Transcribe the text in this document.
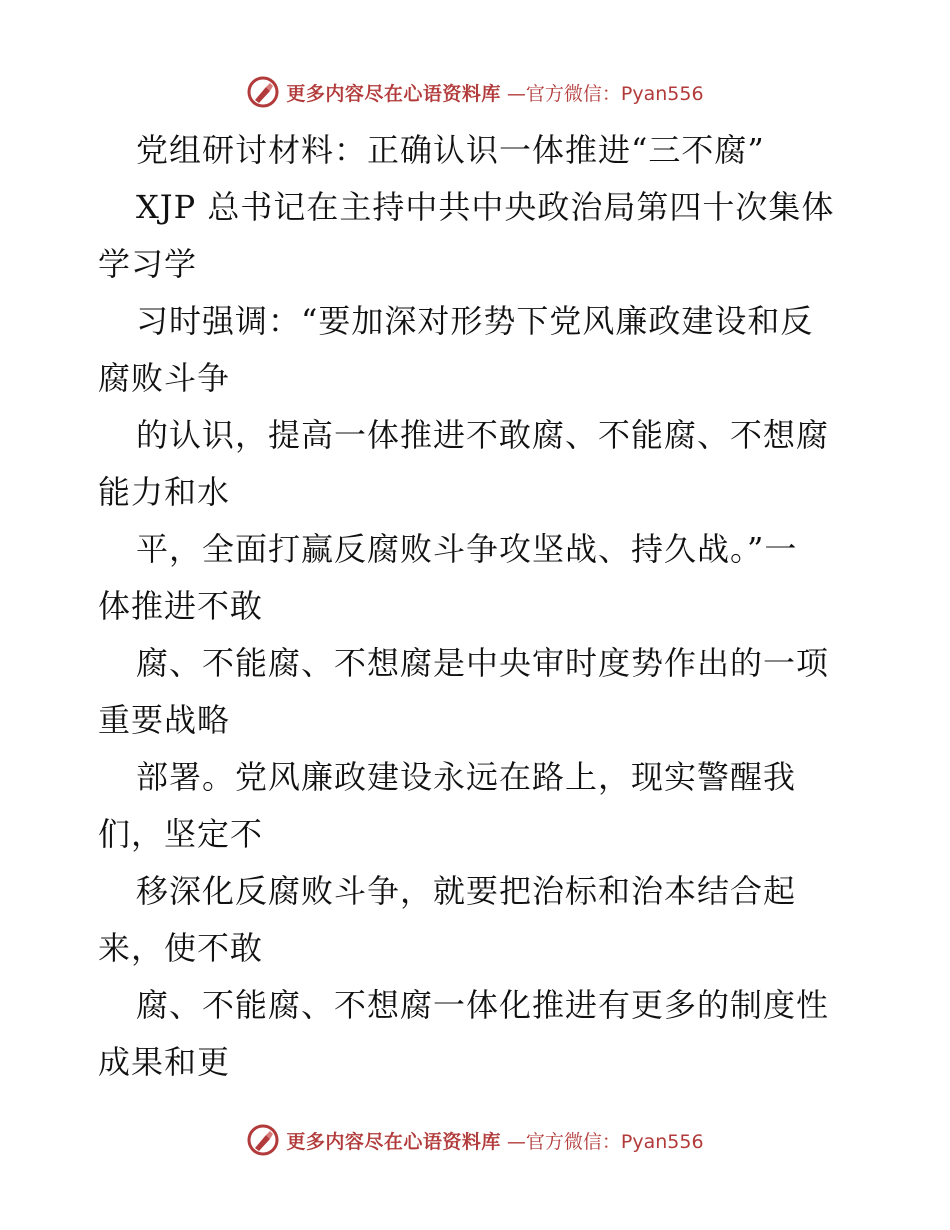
更多内容尽在心语资料库 —官方微信：Pyan556
党组研讨材料：正确认识一体推进“三不腐”
XJP 总书记在主持中共中央政治局第四十次集体
学习学
习时强调：“要加深对形势下党风廉政建设和反
腐败斗争
的认识，提高一体推进不敢腐、不能腐、不想腐
能力和水
平，全面打赢反腐败斗争攻坚战、持久战。”一
体推进不敢
腐、不能腐、不想腐是中央审时度势作出的一项
重要战略
部署。党风廉政建设永远在路上，现实警醒我
们，坚定不
移深化反腐败斗争，就要把治标和治本结合起
来，使不敢
腐、不能腐、不想腐一体化推进有更多的制度性
成果和更
更多内容尽在心语资料库 —官方微信：Pyan556
